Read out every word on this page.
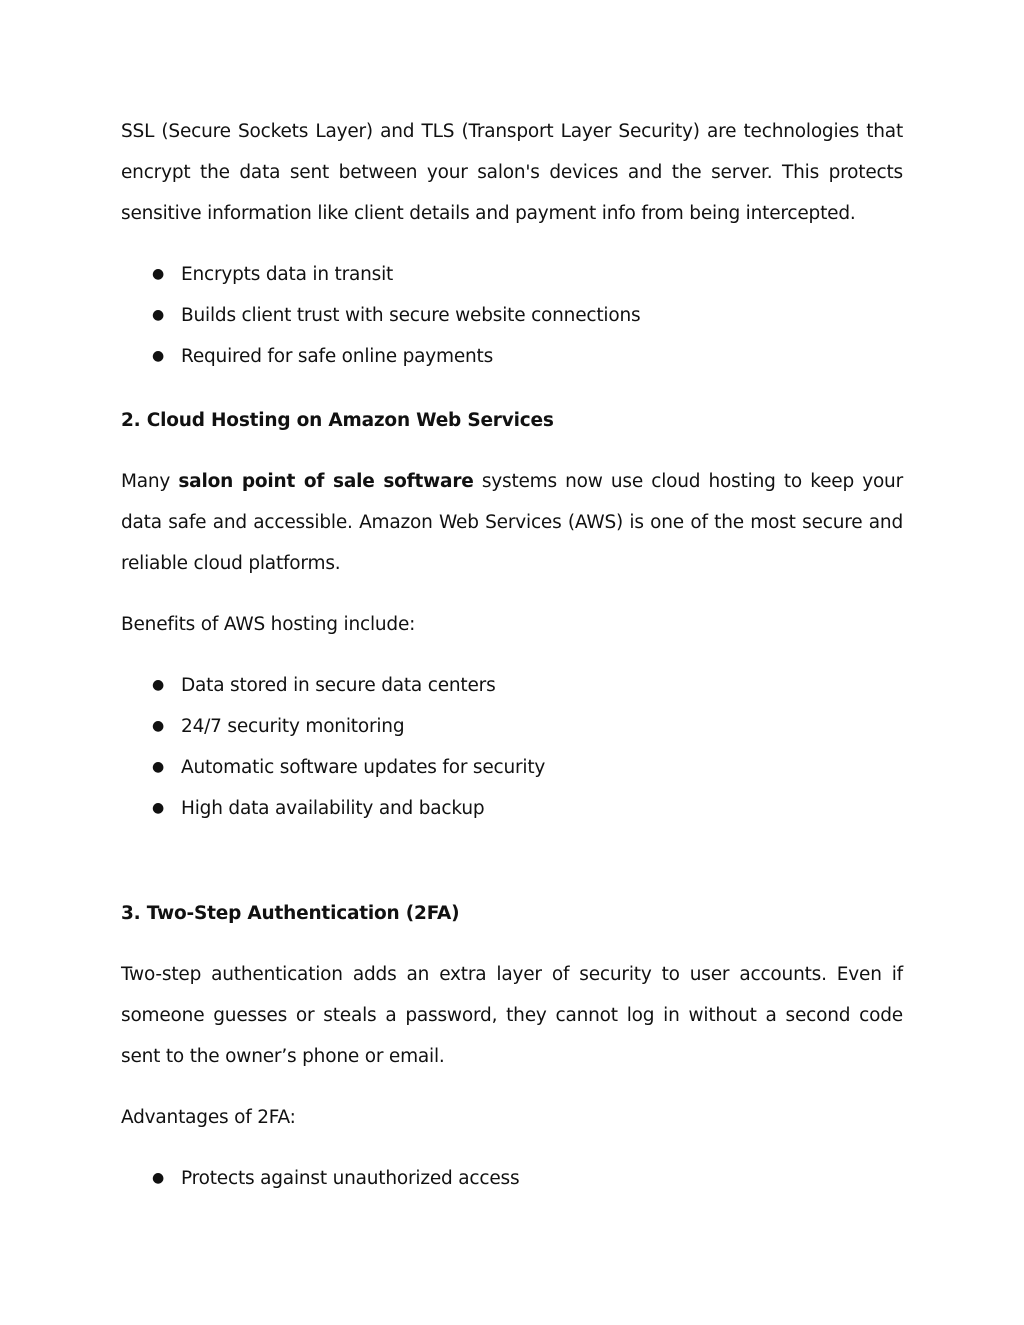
SSL (Secure Sockets Layer) and TLS (Transport Layer Security) are technologies that encrypt the data sent between your salon's devices and the server. This protects sensitive information like client details and payment info from being intercepted.

● Encrypts data in transit
● Builds client trust with secure website connections
● Required for safe online payments
2. Cloud Hosting on Amazon Web Services

Many salon point of sale software systems now use cloud hosting to keep your data safe and accessible. Amazon Web Services (AWS) is one of the most secure and reliable cloud platforms.

Benefits of AWS hosting include:

● Data stored in secure data centers
● 24/7 security monitoring
● Automatic software updates for security
● High data availability and backup
3. Two-Step Authentication (2FA)

Two-step authentication adds an extra layer of security to user accounts. Even if someone guesses or steals a password, they cannot log in without a second code sent to the owner’s phone or email.

Advantages of 2FA:

● Protects against unauthorized access
